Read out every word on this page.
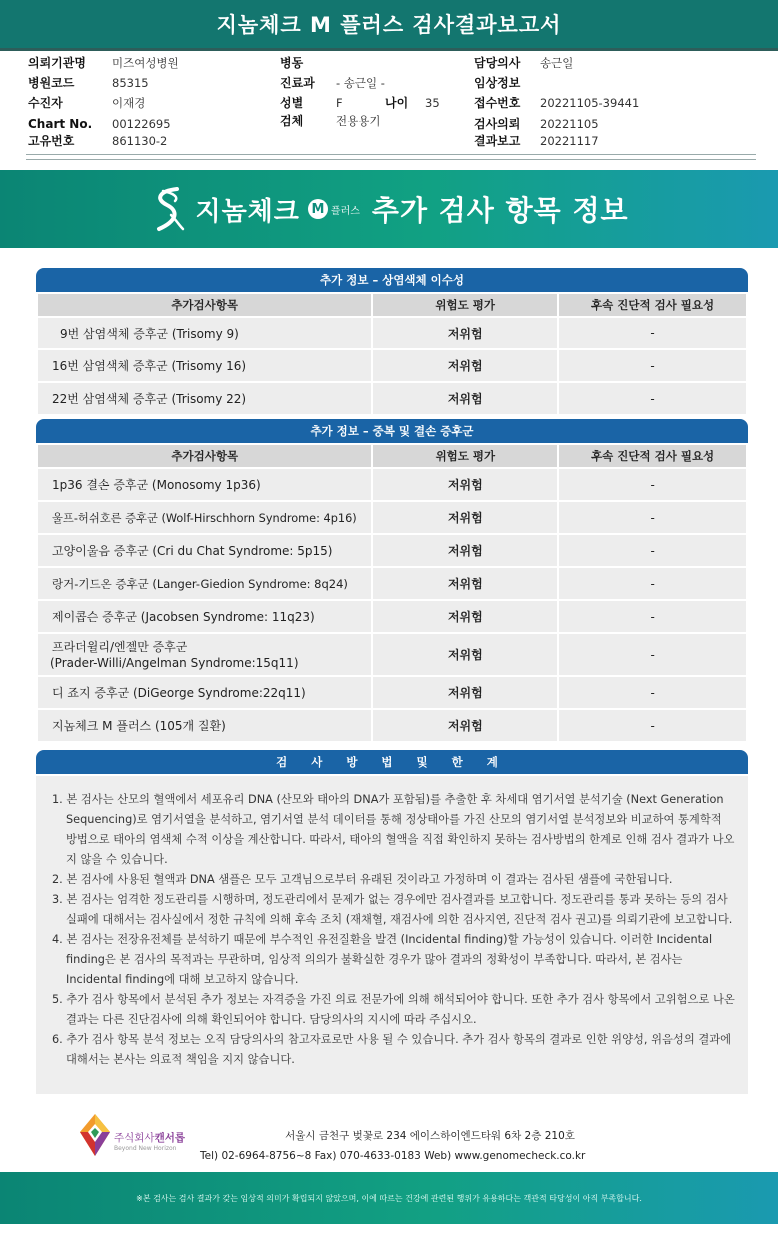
지놈체크 M 플러스 검사결과보고서
의뢰기관명 미즈여성병원
병원코드	85315
수진자	이재경
Chart No. 00122695
고유번호	861130-2
병동
진료과 - 송근일 -
성별	F	나이 35
검체	전용용기
담당의사 송근일
임상정보
접수번호 20221105-39441
검사의뢰 20221105
결과보고 20221117
지놈체크 M 플러스 추가 검사 항목 정보
추가 정보 – 상염색체 이수성
추가검사항목	위험도 평가	후속 진단적 검사 필요성
9번 삼염색체 증후군 (Trisomy 9)	저위험	-
16번 삼염색체 증후군 (Trisomy 16)	저위험	-
22번 삼염색체 증후군 (Trisomy 22)	저위험	-
추가 정보 – 중복 및 결손 증후군
추가검사항목	위험도 평가	후속 진단적 검사 필요성
1p36 결손 증후군 (Monosomy 1p36)	저위험	-
울프-허쉬호른 증후군 (Wolf-Hirschhorn Syndrome: 4p16)	저위험	-
고양이울음 증후군 (Cri du Chat Syndrome: 5p15)	저위험	-
랑거-기드온 증후군 (Langer-Giedion Syndrome: 8q24)	저위험	-
제이콥슨 증후군 (Jacobsen Syndrome: 11q23)	저위험	-

프라더윌리/엔젤만 증후군
(Prader-Willi/Angelman Syndrome:15q11)	저위험	-
디 죠지 증후군 (DiGeorge Syndrome:22q11)	저위험	-
지놈체크 M 플러스 (105개 질환)	저위험	-
검 사 방 법 및 한 계
1. 본 검사는 산모의 혈액에서 세포유리 DNA (산모와 태아의 DNA가 포함됨)를 추출한 후 차세대 염기서열 분석기술 (Next Generation Sequencing)로 염기서열을 분석하고, 염기서열 분석 데이터를 통해 정상태아를 가진 산모의 염기서열 분석정보와 비교하여 통계학적 방법으로 태아의 염색체 수적 이상을 계산합니다. 따라서, 태아의 혈액을 직접 확인하지 못하는 검사방법의 한계로 인해 검사 결과가 나오지 않을 수 있습니다.
2. 본 검사에 사용된 혈액과 DNA 샘플은 모두 고객님으로부터 유래된 것이라고 가정하며 이 결과는 검사된 샘플에 국한됩니다.
3. 본 검사는 엄격한 정도관리를 시행하며, 정도관리에서 문제가 없는 경우에만 검사결과를 보고합니다. 정도관리를 통과 못하는 등의 검사실패에 대해서는 검사실에서 정한 규칙에 의해 후속 조치 (재채혈, 재검사에 의한 검사지연, 진단적 검사 권고)를 의뢰기관에 보고합니다.
4. 본 검사는 전장유전체를 분석하기 때문에 부수적인 유전질환을 발견 (Incidental finding)할 가능성이 있습니다. 이러한 Incidental finding은 본 검사의 목적과는 무관하며, 임상적 의의가 불확실한 경우가 많아 결과의 정확성이 부족합니다. 따라서, 본 검사는 Incidental finding에 대해 보고하지 않습니다.
5. 추가 검사 항목에서 분석된 추가 정보는 자격증을 가진 의료 전문가에 의해 해석되어야 합니다. 또한 추가 검사 항목에서 고위험으로 나온 결과는 다른 진단검사에 의해 확인되어야 합니다. 담당의사의 지시에 따라 주십시오.
6. 추가 검사 항목 분석 정보는 오직 담당의사의 참고자료로만 사용 될 수 있습니다. 추가 검사 항목의 결과로 인한 위양성, 위음성의 결과에 대해서는 본사는 의료적 책임을 지지 않습니다.
주식회사캔서롭
Beyond New Horizon
서울시 금천구 벚꽃로 234 에이스하이엔드타워 6차 2층 210호
Tel) 02-6964-8756~8 Fax) 070-4633-0183 Web) www.genomecheck.co.kr
※본 검사는 검사 결과가 갖는 임상적 의미가 확립되지 않았으며, 이에 따르는 건강에 관련된 행위가 유용하다는 객관적 타당성이 아직 부족합니다.
